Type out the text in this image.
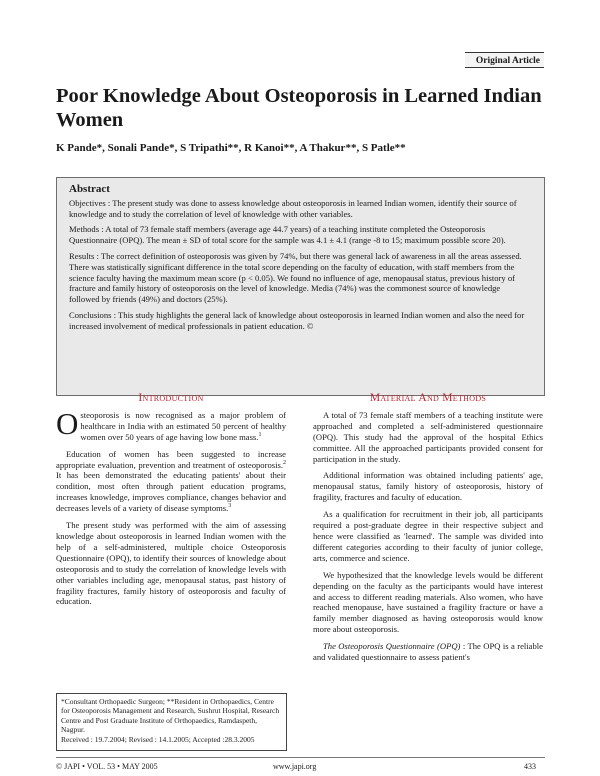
Original Article
Poor Knowledge About Osteoporosis in Learned Indian Women
K Pande*, Sonali Pande*, S Tripathi**, R Kanoi**, A Thakur**, S Patle**
Abstract

Objectives : The present study was done to assess knowledge about osteoporosis in learned Indian women, identify their source of knowledge and to study the correlation of level of knowledge with other variables.

Methods : A total of 73 female staff members (average age 44.7 years) of a teaching institute completed the Osteoporosis Questionnaire (OPQ). The mean ± SD of total score for the sample was 4.1 ± 4.1 (range -8 to 15; maximum possible score 20).

Results : The correct definition of osteoporosis was given by 74%, but there was general lack of awareness in all the areas assessed. There was statistically significant difference in the total score depending on the faculty of education, with staff members from the science faculty having the maximum mean score (p < 0.05). We found no influence of age, menopausal status, previous history of fracture and family history of osteoporosis on the level of knowledge. Media (74%) was the commonest source of knowledge followed by friends (49%) and doctors (25%).

Conclusions : This study highlights the general lack of knowledge about osteoporosis in learned Indian women and also the need for increased involvement of medical professionals in patient education. ©

Introduction

Osteoporosis is now recognised as a major problem of healthcare in India with an estimated 50 percent of healthy women over 50 years of age having low bone mass.$^1$

Education of women has been suggested to increase appropriate evaluation, prevention and treatment of osteoporosis.$^2$ It has been demonstrated the educating patients' about their condition, most often through patient education programs, increases knowledge, improves compliance, changes behavior and decreases levels of a variety of disease symptoms.$^3$

The present study was performed with the aim of assessing knowledge about osteoporosis in learned Indian women with the help of a self-administered, multiple choice Osteoporosis Questionnaire (OPQ), to identify their sources of knowledge about osteoporosis and to study the correlation of knowledge levels with other variables including age, menopausal status, past history of fragility fractures, family history of osteoporosis and faculty of education.

Material And Methods

A total of 73 female staff members of a teaching institute were approached and completed a self-administered questionnaire (OPQ). This study had the approval of the hospital Ethics committee. All the approached participants provided consent for participation in the study.

Additional information was obtained including patients' age, menopausal status, family history of osteoporosis, history of fragility, fractures and faculty of education.

As a qualification for recruitment in their job, all participants required a post-graduate degree in their respective subject and hence were classified as 'learned'. The sample was divided into different categories according to their faculty of junior college, arts, commerce and science.

We hypothesized that the knowledge levels would be different depending on the faculty as the participants would have interest and access to different reading materials. Also women, who have reached menopause, have sustained a fragility fracture or have a family member diagnosed as having osteoporosis would know more about osteoporosis.

The Osteoporosis Questionnaire (OPQ) : The OPQ is a reliable and validated questionnaire to assess patient's

*Consultant Orthopaedic Surgeon; **Resident in Orthopaedics, Centre for Osteoporosis Management and Research, Sushrut Hospital, Research Centre and Post Graduate Institute of Orthopaedics, Ramdaspeth, Nagpur.
Received : 19.7.2004; Revised : 14.1.2005; Accepted :28.3.2005
© JAPI • VOL. 53 • MAY 2005	www.japi.org	433
